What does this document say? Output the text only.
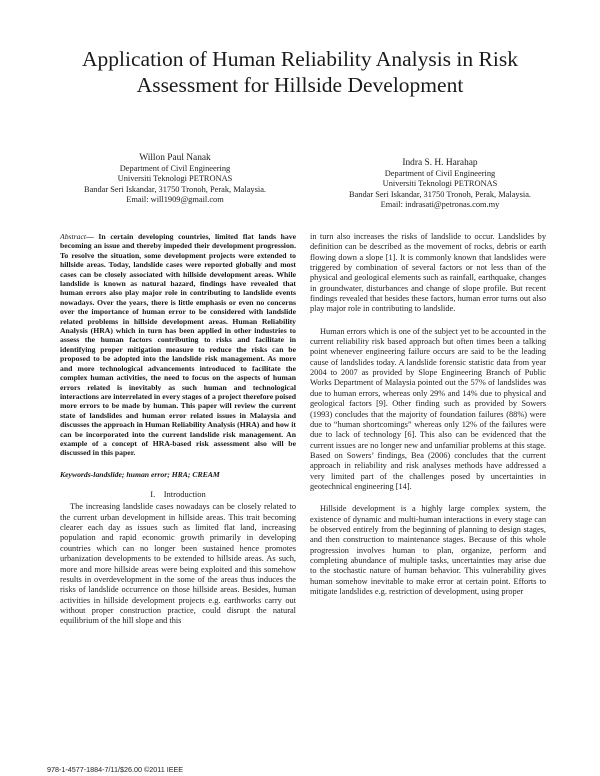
Application of Human Reliability Analysis in Risk Assessment for Hillside Development
Willon Paul Nanak
Department of Civil Engineering
Universiti Teknologi PETRONAS
Bandar Seri Iskandar, 31750 Tronoh, Perak, Malaysia.
Email: will1909@gmail.com
Indra S. H. Harahap
Department of Civil Engineering
Universiti Teknologi PETRONAS
Bandar Seri Iskandar, 31750 Tronoh, Perak, Malaysia.
Email: indrasati@petronas.com.my

Abstract— In certain developing countries, limited flat lands have becoming an issue and thereby impeded their development progression. To resolve the situation, some development projects were extended to hillside areas. Today, landslide cases were reported globally and most cases can be closely associated with hillside development areas. While landslide is known as natural hazard, findings have revealed that human errors also play major role in contributing to landslide events nowadays. Over the years, there is little emphasis or even no concerns over the importance of human error to be considered with landslide related problems in hillside development areas. Human Reliability Analysis (HRA) which in turn has been applied in other industries to assess the human factors contributing to risks and facilitate in identifying proper mitigation measure to reduce the risks can be proposed to be adopted into the landslide risk management. As more and more technological advancements introduced to facilitate the complex human activities, the need to focus on the aspects of human errors related is inevitably as such human and technological interactions are interrelated in every stages of a project therefore poised more errors to be made by human. This paper will review the current state of landslides and human error related issues in Malaysia and discusses the approach in Human Reliability Analysis (HRA) and how it can be incorporated into the current landslide risk management. An example of a concept of HRA-based risk assessment also will be discussed in this paper.

Keywords-landslide; human error; HRA; CREAM

I. Introduction

The increasing landslide cases nowadays can be closely related to the current urban development in hillside areas. This trait becoming clearer each day as issues such as limited flat land, increasing population and rapid economic growth primarily in developing countries which can no longer been sustained hence promotes urbanization developments to be extended to hillside areas. As such, more and more hillside areas were being exploited and this somehow results in overdevelopment in the some of the areas thus induces the risks of landslide occurrence on those hillside areas. Besides, human activities in hillside development projects e.g. earthworks carry out without proper construction practice, could disrupt the natural equilibrium of the hill slope and this

in turn also increases the risks of landslide to occur. Landslides by definition can be described as the movement of rocks, debris or earth flowing down a slope [1]. It is commonly known that landslides were triggered by combination of several factors or not less than of the physical and geological elements such as rainfall, earthquake, changes in groundwater, disturbances and change of slope profile. But recent findings revealed that besides these factors, human error turns out also play major role in contributing to landslide.

Human errors which is one of the subject yet to be accounted in the current reliability risk based approach but often times been a talking point whenever engineering failure occurs are said to be the leading cause of landslides today. A landslide forensic statistic data from year 2004 to 2007 as provided by Slope Engineering Branch of Public Works Department of Malaysia pointed out the 57% of landslides was due to human errors, whereas only 29% and 14% due to physical and geological factors [9]. Other finding such as provided by Sowers (1993) concludes that the majority of foundation failures (88%) were due to “human shortcomings” whereas only 12% of the failures were due to lack of technology [6]. This also can be evidenced that the current issues are no longer new and unfamiliar problems at this stage. Based on Sowers’ findings, Bea (2006) concludes that the current approach in reliability and risk analyses methods have addressed a very limited part of the challenges posed by uncertainties in geotechnical engineering [14].

Hillside development is a highly large complex system, the existence of dynamic and multi-human interactions in every stage can be observed entirely from the beginning of planning to design stages, and then construction to maintenance stages. Because of this whole progression involves human to plan, organize, perform and completing abundance of multiple tasks, uncertainties may arise due to the stochastic nature of human behavior. This vulnerability gives human somehow inevitable to make error at certain point. Efforts to mitigate landslides e.g. restriction of development, using proper

978-1-4577-1884-7/11/$26.00 ©2011 IEEE
